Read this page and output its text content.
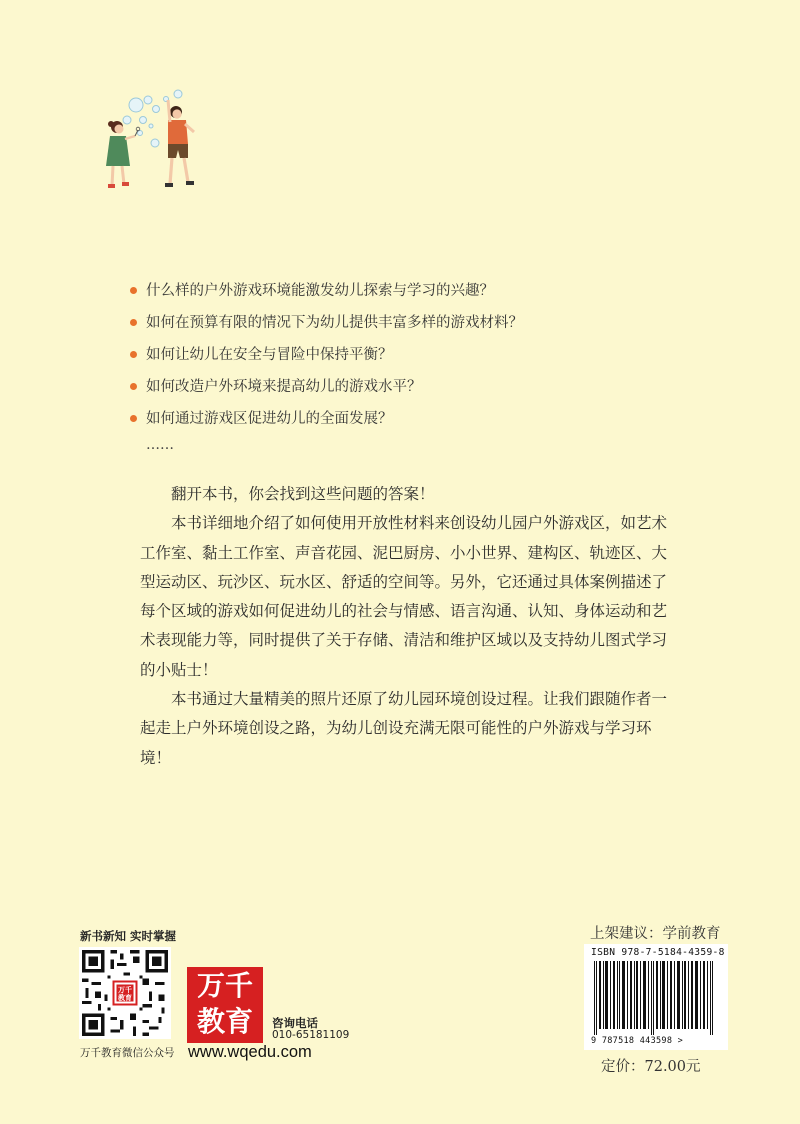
什么样的户外游戏环境能激发幼儿探索与学习的兴趣？
如何在预算有限的情况下为幼儿提供丰富多样的游戏材料？
如何让幼儿在安全与冒险中保持平衡？
如何改造户外环境来提高幼儿的游戏水平？
如何通过游戏区促进幼儿的全面发展？
……

翻开本书，你会找到这些问题的答案！

本书详细地介绍了如何使用开放性材料来创设幼儿园户外游戏区，如艺术工作室、黏土工作室、声音花园、泥巴厨房、小小世界、建构区、轨迹区、大型运动区、玩沙区、玩水区、舒适的空间等。另外，它还通过具体案例描述了每个区域的游戏如何促进幼儿的社会与情感、语言沟通、认知、身体运动和艺术表现能力等，同时提供了关于存储、清洁和维护区域以及支持幼儿图式学习的小贴士！

本书通过大量精美的照片还原了幼儿园环境创设过程。让我们跟随作者一起走上户外环境创设之路，为幼儿创设充满无限可能性的户外游戏与学习环境！

新书新知 实时掌握
万千
教育
万千教育微信公众号
万千
教育	咨询电话
010-65181109
www.wqedu.com
上架建议：学前教育
ISBN 978-7-5184-4359-8
9 787518 443598 >
定价：72.00元
